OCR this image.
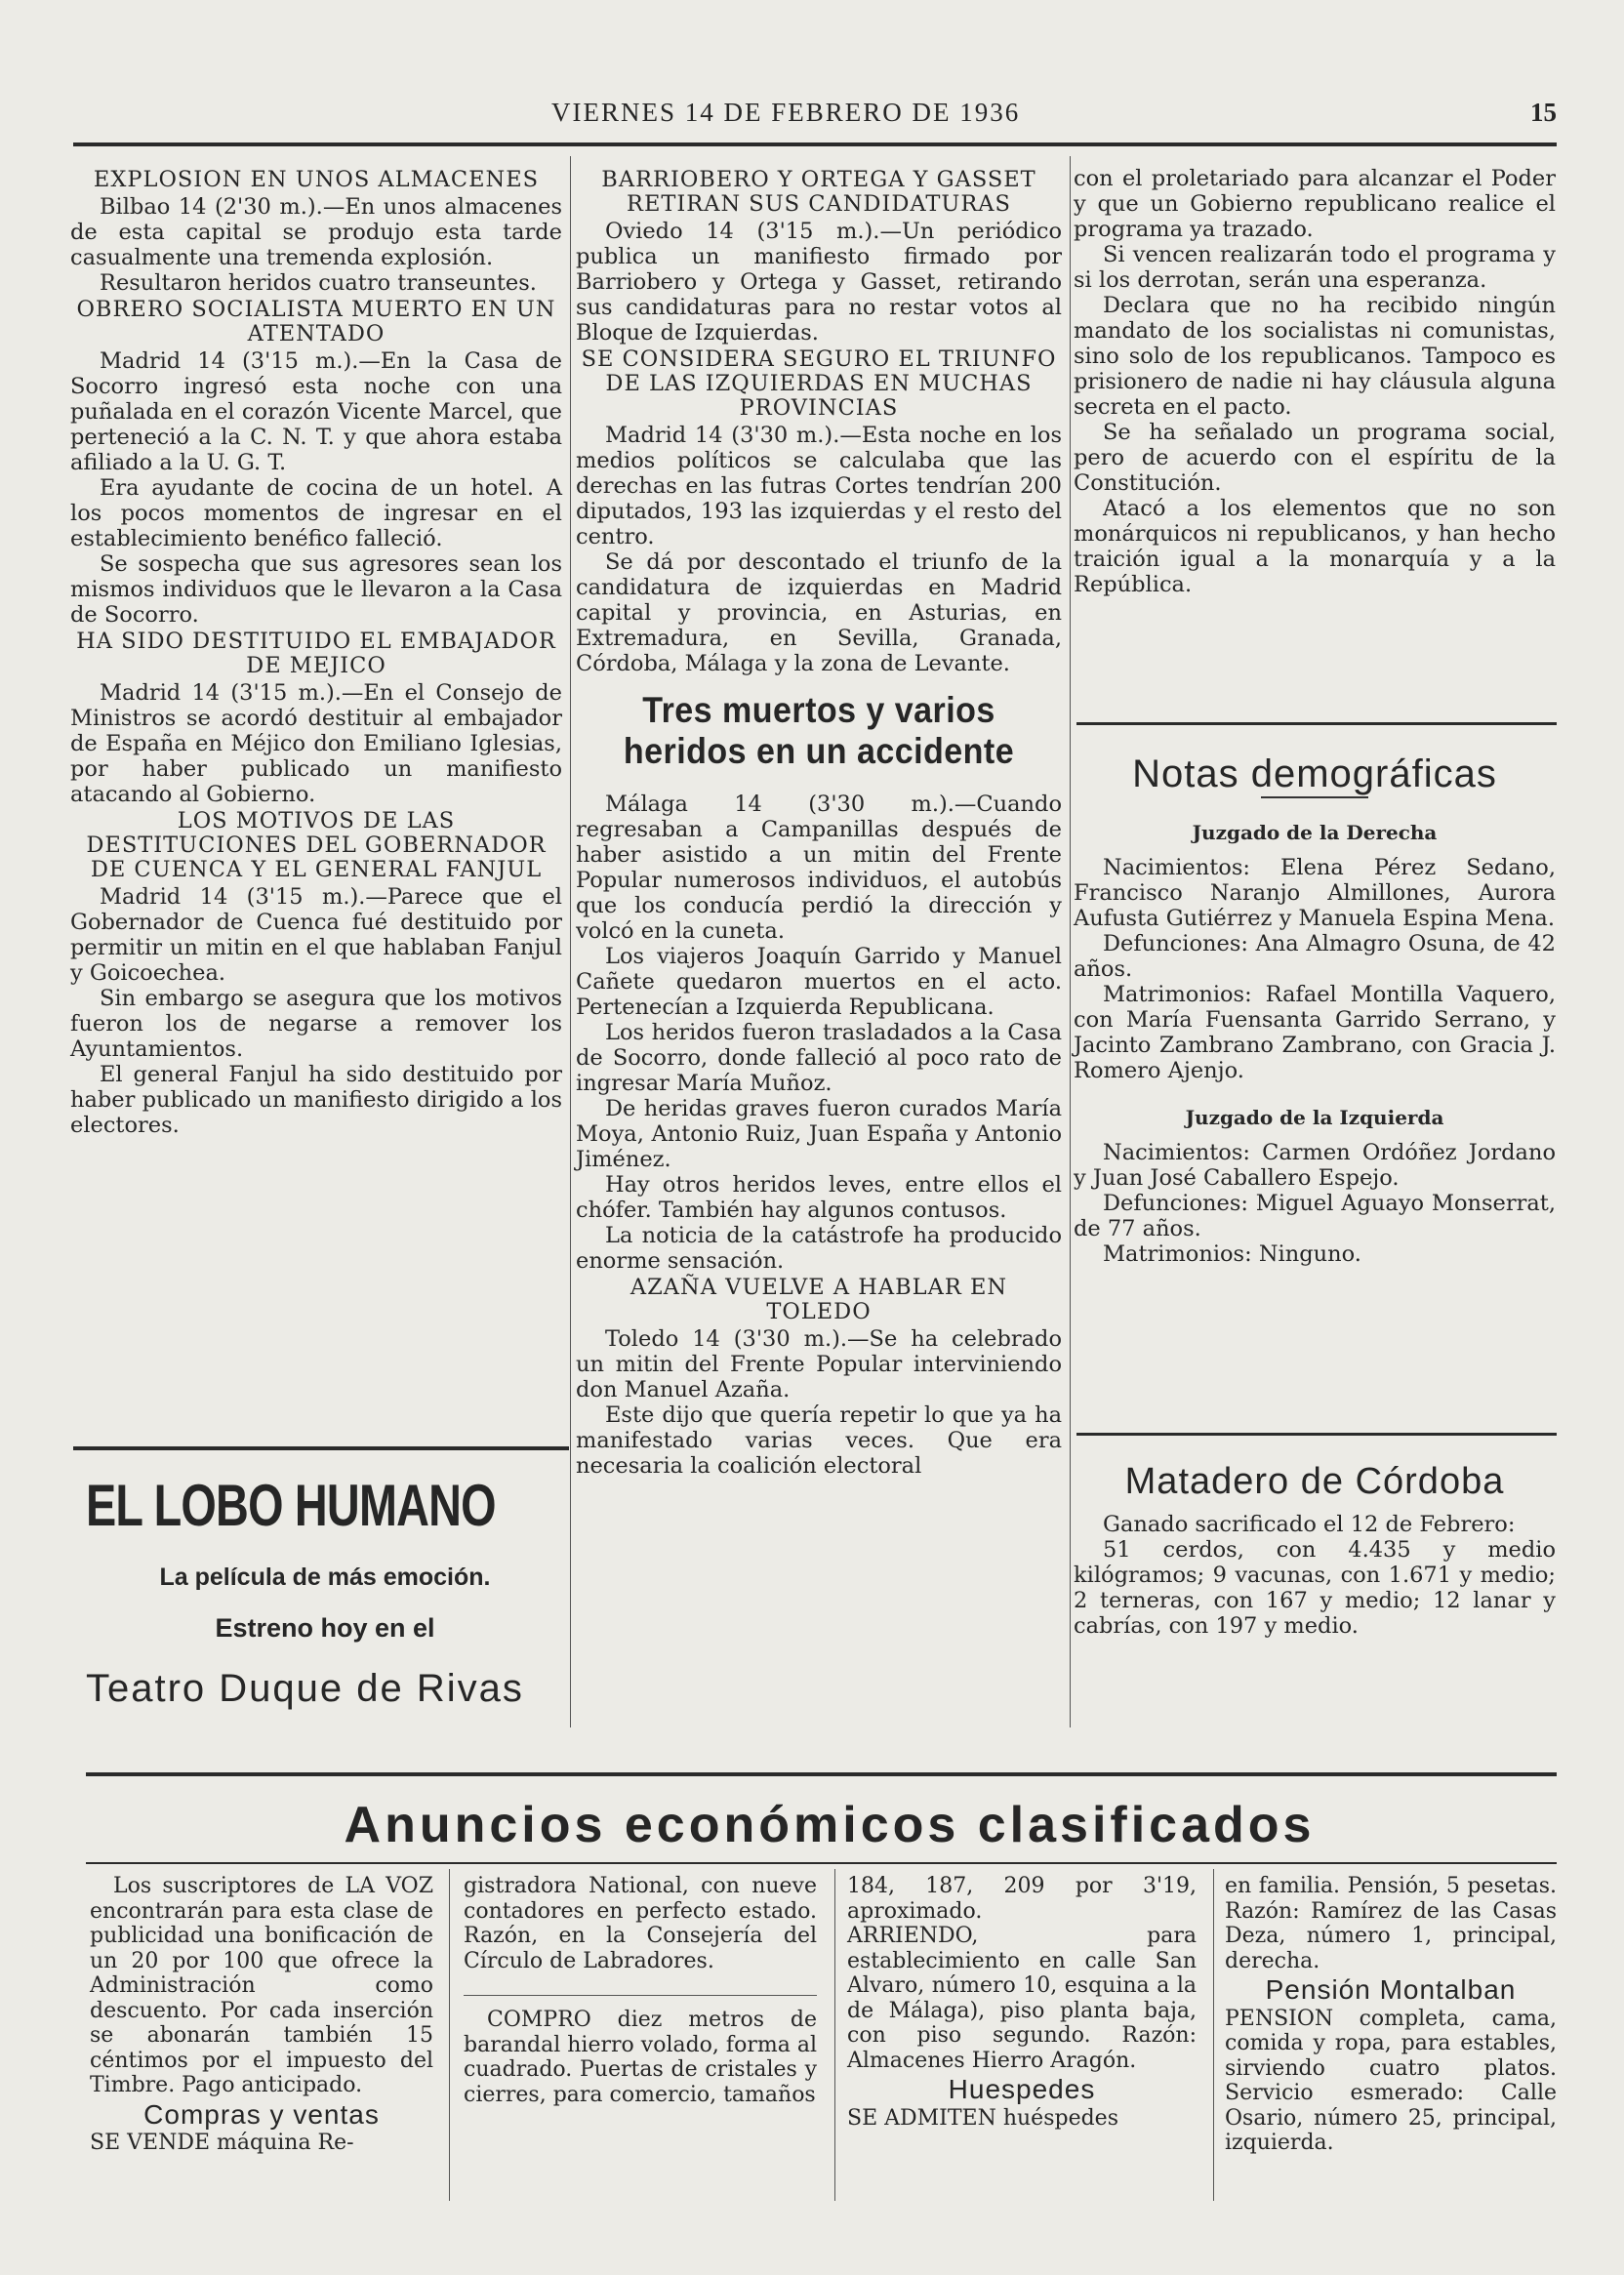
VIERNES 14 DE FEBRERO DE 1936	15
EXPLOSION EN UNOS ALMACENES

Bilbao 14 (2'30 m.).—En unos almacenes de esta capital se produjo esta tarde casualmente una tremenda explosión.

Resultaron heridos cuatro transeuntes.

OBRERO SOCIALISTA MUERTO EN UN ATENTADO

Madrid 14 (3'15 m.).—En la Casa de Socorro ingresó esta noche con una puñalada en el corazón Vicente Marcel, que perteneció a la C. N. T. y que ahora estaba afiliado a la U. G. T.

Era ayudante de cocina de un hotel. A los pocos momentos de ingresar en el establecimiento benéfico falleció.

Se sospecha que sus agresores sean los mismos individuos que le llevaron a la Casa de Socorro.

HA SIDO DESTITUIDO EL EMBAJADOR DE MEJICO

Madrid 14 (3'15 m.).—En el Consejo de Ministros se acordó destituir al embajador de España en Méjico don Emiliano Iglesias, por haber publicado un manifiesto atacando al Gobierno.

LOS MOTIVOS DE LAS DESTITUCIONES DEL GOBERNADOR DE CUENCA Y EL GENERAL FANJUL

Madrid 14 (3'15 m.).—Parece que el Gobernador de Cuenca fué destituido por permitir un mitin en el que hablaban Fanjul y Goicoechea.

Sin embargo se asegura que los motivos fueron los de negarse a remover los Ayuntamientos.

El general Fanjul ha sido destituido por haber publicado un manifiesto dirigido a los electores.

EL LOBO HUMANO
La película de más emoción.
Estreno hoy en el
Teatro Duque de Rivas
BARRIOBERO Y ORTEGA Y GASSET RETIRAN SUS CANDIDATURAS

Oviedo 14 (3'15 m.).—Un periódico publica un manifiesto firmado por Barriobero y Ortega y Gasset, retirando sus candidaturas para no restar votos al Bloque de Izquierdas.

SE CONSIDERA SEGURO EL TRIUNFO DE LAS IZQUIERDAS EN MUCHAS PROVINCIAS

Madrid 14 (3'30 m.).—Esta noche en los medios políticos se calculaba que las derechas en las futras Cortes tendrían 200 diputados, 193 las izquierdas y el resto del centro.

Se dá por descontado el triunfo de la candidatura de izquierdas en Madrid capital y provincia, en Asturias, en Extremadura, en Sevilla, Granada, Córdoba, Málaga y la zona de Levante.

Tres muertos y varios heridos en un accidente

Málaga 14 (3'30 m.).—Cuando regresaban a Campanillas después de haber asistido a un mitin del Frente Popular numerosos individuos, el autobús que los conducía perdió la dirección y volcó en la cuneta.

Los viajeros Joaquín Garrido y Manuel Cañete quedaron muertos en el acto. Pertenecían a Izquierda Republicana.

Los heridos fueron trasladados a la Casa de Socorro, donde falleció al poco rato de ingresar María Muñoz.

De heridas graves fueron curados María Moya, Antonio Ruiz, Juan España y Antonio Jiménez.

Hay otros heridos leves, entre ellos el chófer. También hay algunos contusos.

La noticia de la catástrofe ha producido enorme sensación.

AZAÑA VUELVE A HABLAR EN TOLEDO

Toledo 14 (3'30 m.).—Se ha celebrado un mitin del Frente Popular interviniendo don Manuel Azaña.

Este dijo que quería repetir lo que ya ha manifestado varias veces. Que era necesaria la coalición electoral

con el proletariado para alcanzar el Poder y que un Gobierno republicano realice el programa ya trazado.

Si vencen realizarán todo el programa y si los derrotan, serán una esperanza.

Declara que no ha recibido ningún mandato de los socialistas ni comunistas, sino solo de los republicanos. Tampoco es prisionero de nadie ni hay cláusula alguna secreta en el pacto.

Se ha señalado un programa social, pero de acuerdo con el espíritu de la Constitución.

Atacó a los elementos que no son monárquicos ni republicanos, y han hecho traición igual a la monarquía y a la República.

Notas demográficas
Juzgado de la Derecha

Nacimientos: Elena Pérez Sedano, Francisco Naranjo Almillones, Aurora Aufusta Gutiérrez y Manuela Espina Mena.

Defunciones: Ana Almagro Osuna, de 42 años.

Matrimonios: Rafael Montilla Vaquero, con María Fuensanta Garrido Serrano, y Jacinto Zambrano Zambrano, con Gracia J. Romero Ajenjo.

Juzgado de la Izquierda

Nacimientos: Carmen Ordóñez Jordano y Juan José Caballero Espejo.

Defunciones: Miguel Aguayo Monserrat, de 77 años.

Matrimonios: Ninguno.

Matadero de Córdoba

Ganado sacrificado el 12 de Febrero:

51 cerdos, con 4.435 y medio kilógramos; 9 vacunas, con 1.671 y medio; 2 terneras, con 167 y medio; 12 lanar y cabrías, con 197 y medio.

Anuncios económicos clasificados

Los suscriptores de LA VOZ encontrarán para esta clase de publicidad una bonificación de un 20 por 100 que ofrece la Administración como descuento. Por cada inserción se abonarán también 15 céntimos por el impuesto del Timbre. Pago anticipado.

Compras y ventas

SE VENDE máquina Re-

gistradora National, con nueve contadores en perfecto estado. Razón, en la Consejería del Círculo de Labradores.

COMPRO diez metros de barandal hierro volado, forma al cuadrado. Puertas de cristales y cierres, para comercio, tamaños

184, 187, 209 por 3'19, aproximado.

ARRIENDO, para establecimiento en calle San Alvaro, número 10, esquina a la de Málaga), piso planta baja, con piso segundo. Razón: Almacenes Hierro Aragón.

Huespedes

SE ADMITEN huéspedes

en familia. Pensión, 5 pesetas. Razón: Ramírez de las Casas Deza, número 1, principal, derecha.

Pensión Montalban

PENSION completa, cama, comida y ropa, para estables, sirviendo cuatro platos. Servicio esmerado: Calle Osario, número 25, principal, izquierda.
